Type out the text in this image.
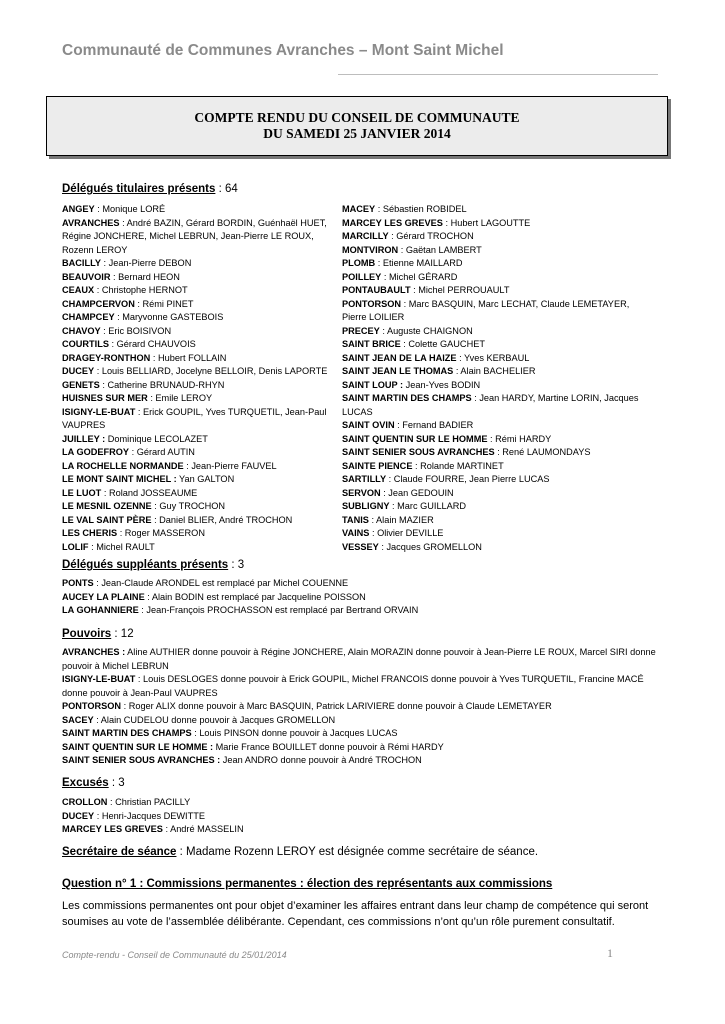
Communauté de Communes Avranches – Mont Saint Michel
COMPTE RENDU DU CONSEIL DE COMMUNAUTE
DU SAMEDI 25 JANVIER 2014
Délégués titulaires présents : 64
ANGEY : Monique LORÉ
AVRANCHES : André BAZIN, Gérard BORDIN, Guénhaël HUET, Régine JONCHERE, Michel LEBRUN, Jean-Pierre LE ROUX, Rozenn LEROY
BACILLY : Jean-Pierre DEBON
BEAUVOIR : Bernard HEON
CEAUX : Christophe HERNOT
CHAMPCERVON : Rémi PINET
CHAMPCEY : Maryvonne GASTEBOIS
CHAVOY : Eric BOISIVON
COURTILS : Gérard CHAUVOIS
DRAGEY-RONTHON : Hubert FOLLAIN
DUCEY : Louis BELLIARD, Jocelyne BELLOIR, Denis LAPORTE
GENETS : Catherine BRUNAUD-RHYN
HUISNES SUR MER : Emile LEROY
ISIGNY-LE-BUAT : Erick GOUPIL, Yves TURQUETIL, Jean-Paul VAUPRES
JUILLEY : Dominique LECOLAZET
LA GODEFROY : Gérard AUTIN
LA ROCHELLE NORMANDE : Jean-Pierre FAUVEL
LE MONT SAINT MICHEL : Yan GALTON
LE LUOT : Roland JOSSEAUME
LE MESNIL OZENNE : Guy TROCHON
LE VAL SAINT PÈRE : Daniel BLIER, André TROCHON
LES CHERIS : Roger MASSERON
LOLIF : Michel RAULT
MACEY : Sébastien ROBIDEL
MARCEY LES GREVES : Hubert LAGOUTTE
MARCILLY : Gérard TROCHON
MONTVIRON : Gaëtan LAMBERT
PLOMB : Etienne MAILLARD
POILLEY : Michel GÉRARD
PONTAUBAULT : Michel PERROUAULT
PONTORSON : Marc BASQUIN, Marc LECHAT, Claude LEMETAYER, Pierre LOILIER
PRECEY : Auguste CHAIGNON
SAINT BRICE : Colette GAUCHET
SAINT JEAN DE LA HAIZE : Yves KERBAUL
SAINT JEAN LE THOMAS : Alain BACHELIER
SAINT LOUP : Jean-Yves BODIN
SAINT MARTIN DES CHAMPS : Jean HARDY, Martine LORIN, Jacques LUCAS
SAINT OVIN : Fernand BADIER
SAINT QUENTIN SUR LE HOMME : Rémi HARDY
SAINT SENIER SOUS AVRANCHES : René LAUMONDAYS
SAINTE PIENCE : Rolande MARTINET
SARTILLY : Claude FOURRE, Jean Pierre LUCAS
SERVON : Jean GEDOUIN
SUBLIGNY : Marc GUILLARD
TANIS : Alain MAZIER
VAINS : Olivier DEVILLE
VESSEY : Jacques GROMELLON
Délégués suppléants présents : 3
PONTS : Jean-Claude ARONDEL est remplacé par Michel COUENNE
AUCEY LA PLAINE : Alain BODIN est remplacé par Jacqueline POISSON
LA GOHANNIERE : Jean-François PROCHASSON est remplacé par Bertrand ORVAIN
Pouvoirs : 12
AVRANCHES : Aline AUTHIER donne pouvoir à Régine JONCHERE, Alain MORAZIN donne pouvoir à Jean-Pierre LE ROUX, Marcel SIRI donne pouvoir à Michel LEBRUN
ISIGNY-LE-BUAT : Louis DESLOGES donne pouvoir à Erick GOUPIL, Michel FRANCOIS donne pouvoir à Yves TURQUETIL, Francine MACÉ donne pouvoir à Jean-Paul VAUPRES
PONTORSON : Roger ALIX donne pouvoir à Marc BASQUIN, Patrick LARIVIERE donne pouvoir à Claude LEMETAYER
SACEY : Alain CUDELOU donne pouvoir à Jacques GROMELLON
SAINT MARTIN DES CHAMPS : Louis PINSON donne pouvoir à Jacques LUCAS
SAINT QUENTIN SUR LE HOMME : Marie France BOUILLET donne pouvoir à Rémi HARDY
SAINT SENIER SOUS AVRANCHES : Jean ANDRO donne pouvoir à André TROCHON
Excusés : 3
CROLLON : Christian PACILLY
DUCEY : Henri-Jacques DEWITTE
MARCEY LES GREVES : André MASSELIN
Secrétaire de séance : Madame Rozenn LEROY est désignée comme secrétaire de séance.
Question n° 1 : Commissions permanentes : élection des représentants aux commissions
Les commissions permanentes ont pour objet d’examiner les affaires entrant dans leur champ de compétence qui seront soumises au vote de l’assemblée délibérante. Cependant, ces commissions n’ont qu’un rôle purement consultatif.
Compte-rendu - Conseil de Communauté du 25/01/2014	1
